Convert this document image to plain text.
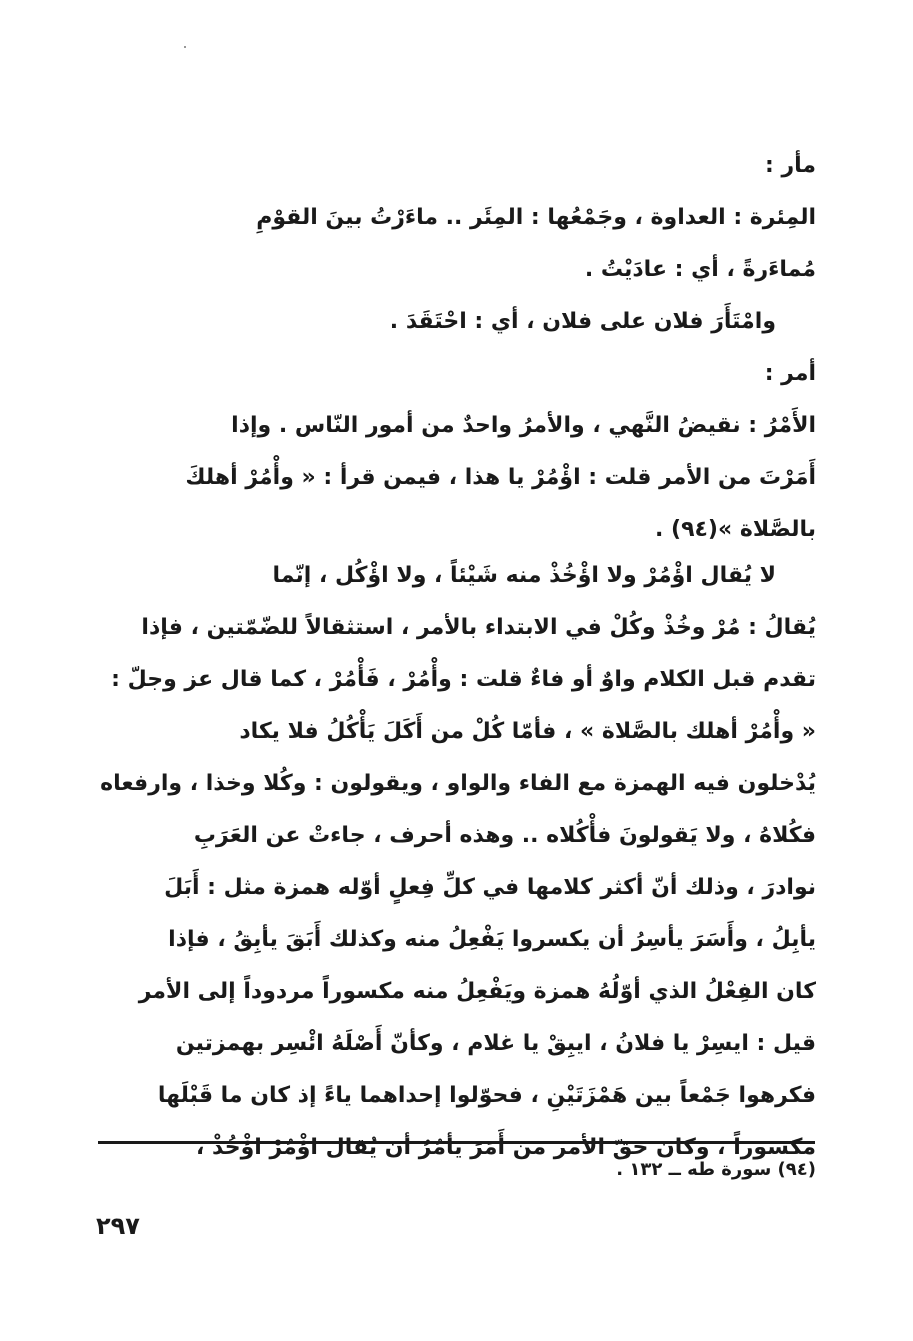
مأر :
المِئرة : العداوة ، وجَمْعُها : المِئَر .. ماءَرْتُ بينَ القوْمِ
مُماءَرةً ، أي : عادَيْتُ .
وامْتَأَرَ فلان على فلان ، أي : احْتَقَدَ .
أمر :
الأَمْرُ : نقيضُ النَّهي ، والأمرُ واحدٌ من أمور النّاس . وإذا
أَمَرْتَ من الأمر قلت : اؤْمُرْ يا هذا ، فيمن قرأ : « وأْمُرْ أهلكَ
بالصَّلاة »(٩٤) .
لا يُقال اؤْمُرْ ولا اؤْخُذْ منه شَيْئاً ، ولا اؤْكُل ، إنّما
يُقالُ : مُرْ وخُذْ وكُلْ في الابتداء بالأمر ، استثقالاً للضّمّتين ، فإذا
تقدم قبل الكلام واوٌ أو فاءٌ قلت : وأْمُرْ ، فَأْمُرْ ، كما قال عز وجلّ :
« وأْمُرْ أهلك بالصَّلاة » ، فأمّا كُلْ من أَكَلَ يَأْكُلُ فلا يكاد
يُدْخلون فيه الهمزة مع الفاء والواو ، ويقولون : وكُلا وخذا ، وارفعاه
فكُلاهُ ، ولا يَقولونَ فأْكُلاه .. وهذه أحرف ، جاءتْ عن العَرَبِ
نوادرَ ، وذلك أنّ أكثر كلامها في كلِّ فِعلٍ أوّله همزة مثل : أَبَلَ
يأبِلُ ، وأَسَرَ يأسِرُ أن يكسروا يَفْعِلُ منه وكذلك أَبَقَ يأبِقُ ، فإذا
كان الفِعْلُ الذي أوّلُهُ همزة ويَفْعِلُ منه مكسوراً مردوداً إلى الأمر
قيل : ايسِرْ يا فلانُ ، ايبِقْ يا غلام ، وكأنّ أَصْلَهُ ائْسِر بهمزتين
فكرهوا جَمْعاً بين هَمْزَتَيْنِ ، فحوّلوا إحداهما ياءً إذ كان ما قَبْلَها
مكسوراً ، وكان حقّ الأمر من أَمَرَ يأمُرُ أن يُقال اؤْمُرْ اؤْخُذْ ،
(٩٤) سورة طه ــ ١٣٢ .
٢٩٧
